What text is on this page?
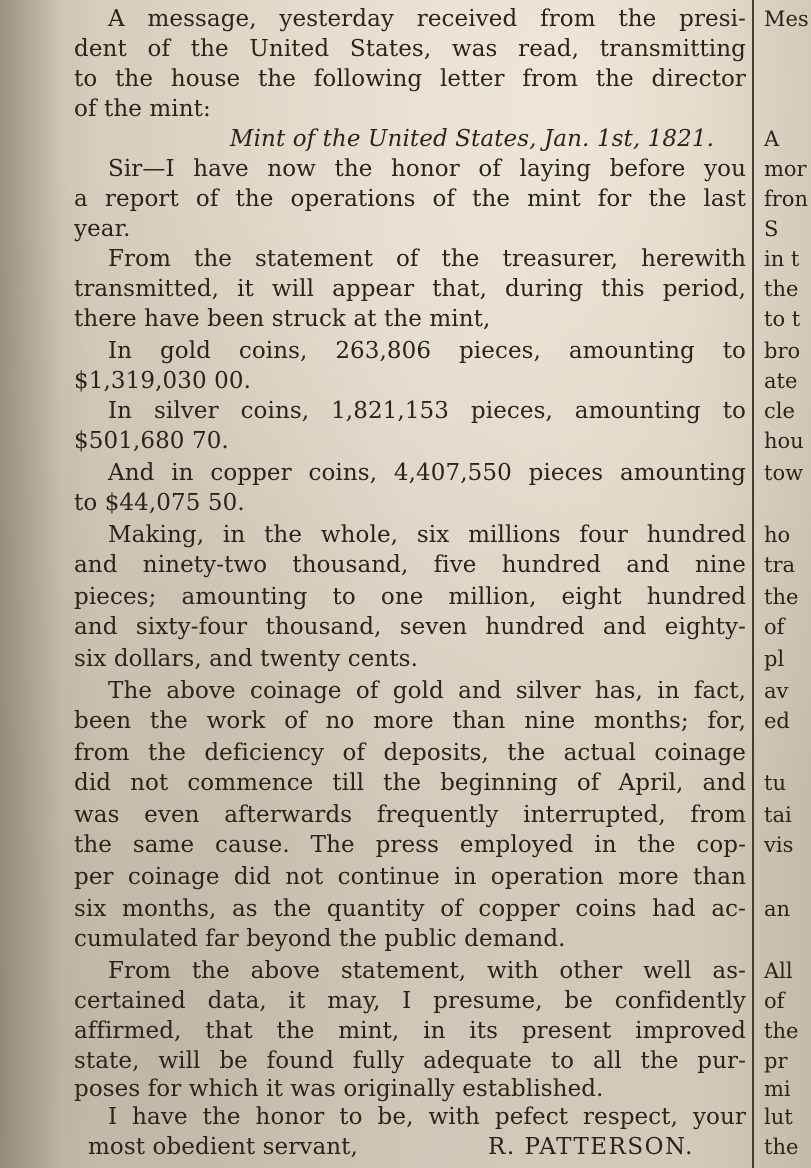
A message, yesterday received from the presi-
dent of the United States, was read, transmitting
to the house the following letter from the director
of the mint:
Mint of the United States, Jan. 1st, 1821.
Sir—I have now the honor of laying before you
a report of the operations of the mint for the last
year.
From the statement of the treasurer, herewith
transmitted, it will appear that, during this period,
there have been struck at the mint,
In gold coins, 263,806 pieces, amounting to
$1,319,030 00.
In silver coins, 1,821,153 pieces, amounting to
$501,680 70.
And in copper coins, 4,407,550 pieces amounting
to $44,075 50.
Making, in the whole, six millions four hundred
and ninety-two thousand, five hundred and nine
pieces; amounting to one million, eight hundred
and sixty-four thousand, seven hundred and eighty-
six dollars, and twenty cents.
The above coinage of gold and silver has, in fact,
been the work of no more than nine months; for,
from the deficiency of deposits, the actual coinage
did not commence till the beginning of April, and
was even afterwards frequently interrupted, from
the same cause. The press employed in the cop-
per coinage did not continue in operation more than
six months, as the quantity of copper coins had ac-
cumulated far beyond the public demand.
From the above statement, with other well as-
certained data, it may, I presume, be confidently
affirmed, that the mint, in its present improved
state, will be found fully adequate to all the pur-
poses for which it was originally established.
I have the honor to be, with pefect respect, your
most obedient servant,	R. PATTERSON.
Mes
A
mor
fron
S
in t
the
to t
bro
ate
cle
hou
tow
ho
tra
the
of
pl
av
ed
tu
tai
vis
an
All
of
the
pr
mi
lut
the
